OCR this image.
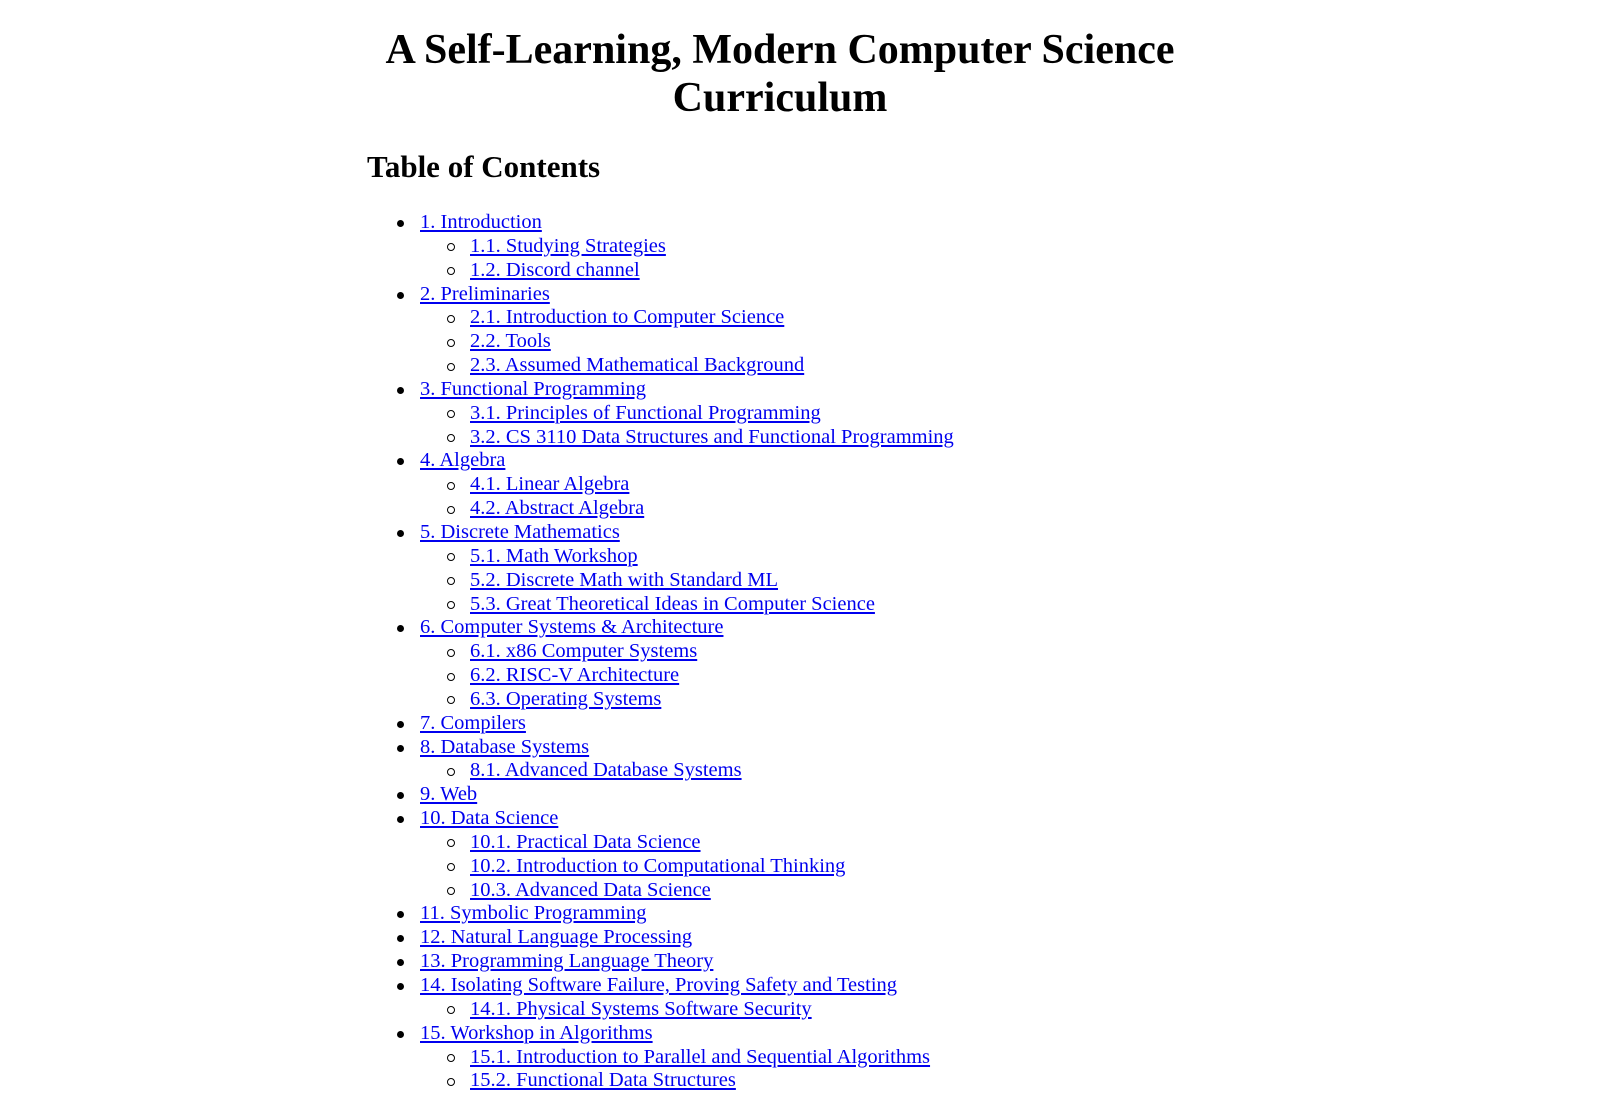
A Self-Learning, Modern Computer Science Curriculum
Table of Contents
1. Introduction
1.1. Studying Strategies
1.2. Discord channel
2. Preliminaries
2.1. Introduction to Computer Science
2.2. Tools
2.3. Assumed Mathematical Background
3. Functional Programming
3.1. Principles of Functional Programming
3.2. CS 3110 Data Structures and Functional Programming
4. Algebra
4.1. Linear Algebra
4.2. Abstract Algebra
5. Discrete Mathematics
5.1. Math Workshop
5.2. Discrete Math with Standard ML
5.3. Great Theoretical Ideas in Computer Science
6. Computer Systems & Architecture
6.1. x86 Computer Systems
6.2. RISC-V Architecture
6.3. Operating Systems
7. Compilers
8. Database Systems
8.1. Advanced Database Systems
9. Web
10. Data Science
10.1. Practical Data Science
10.2. Introduction to Computational Thinking
10.3. Advanced Data Science
11. Symbolic Programming
12. Natural Language Processing
13. Programming Language Theory
14. Isolating Software Failure, Proving Safety and Testing
14.1. Physical Systems Software Security
15. Workshop in Algorithms
15.1. Introduction to Parallel and Sequential Algorithms
15.2. Functional Data Structures
